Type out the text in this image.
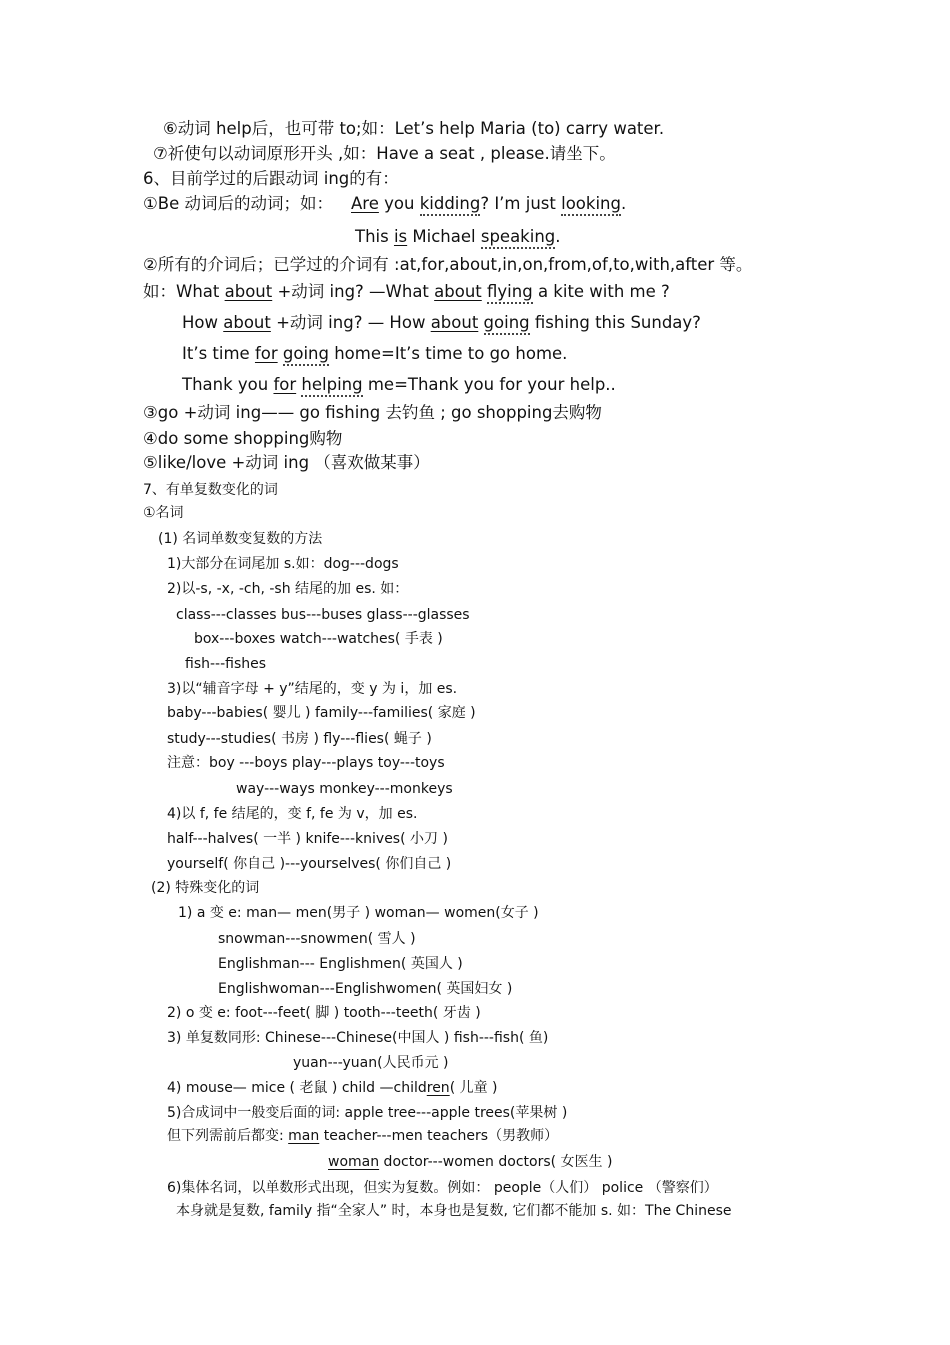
⑥动词 help后，也可带 to;如：Let’s help Maria (to) carry water.
⑦祈使句以动词原形开头 ,如：Have a seat , please.请坐下。
6、目前学过的后跟动词 ing的有：
①Be 动词后的动词；如： Are you kidding? I’m just looking.
This is Michael speaking.
②所有的介词后；已学过的介词有 :at,for,about,in,on,from,of,to,with,after 等。
如：What about +动词 ing? —What about flying a kite with me ?
How about +动词 ing? — How about going fishing this Sunday?
It’s time for going home=It’s time to go home.
Thank you for helping me=Thank you for your help..
③go +动词 ing—— go fishing 去钓鱼 ; go shopping去购物
④do some shopping购物
⑤like/love +动词 ing （喜欢做某事）
7、有单复数变化的词
①名词
(1) 名词单数变复数的方法
1)大部分在词尾加 s.如：dog---dogs
2)以-s, -x, -ch, -sh 结尾的加 es. 如：
class---classes bus---buses glass---glasses
box---boxes watch---watches( 手表 )
fish---fishes
3)以“辅音字母 + y”结尾的，变 y 为 i，加 es.
baby---babies( 婴儿 ) family---families( 家庭 )
study---studies( 书房 ) fly---flies( 蝇子 )
注意：boy ---boys play---plays toy---toys
way---ways monkey---monkeys
4)以 f, fe 结尾的，变 f, fe 为 v，加 es.
half---halves( 一半 ) knife---knives( 小刀 )
yourself( 你自己 )---yourselves( 你们自己 )
(2) 特殊变化的词
1) a 变 e: man— men(男子 ) woman— women(女子 )
snowman---snowmen( 雪人 )
Englishman--- Englishmen( 英国人 )
Englishwoman---Englishwomen( 英国妇女 )
2) o 变 e: foot---feet( 脚 ) tooth---teeth( 牙齿 )
3) 单复数同形: Chinese---Chinese(中国人 ) fish---fish( 鱼)
yuan---yuan(人民币元 )
4) mouse— mice ( 老鼠 ) child —children( 儿童 )
5)合成词中一般变后面的词: apple tree---apple trees(苹果树 )
但下列需前后都变: man teacher---men teachers（男教师）
woman doctor---women doctors( 女医生 )
6)集体名词，以单数形式出现，但实为复数。例如： people（人们） police （警察们）
本身就是复数, family 指“全家人” 时，本身也是复数, 它们都不能加 s. 如：The Chinese
